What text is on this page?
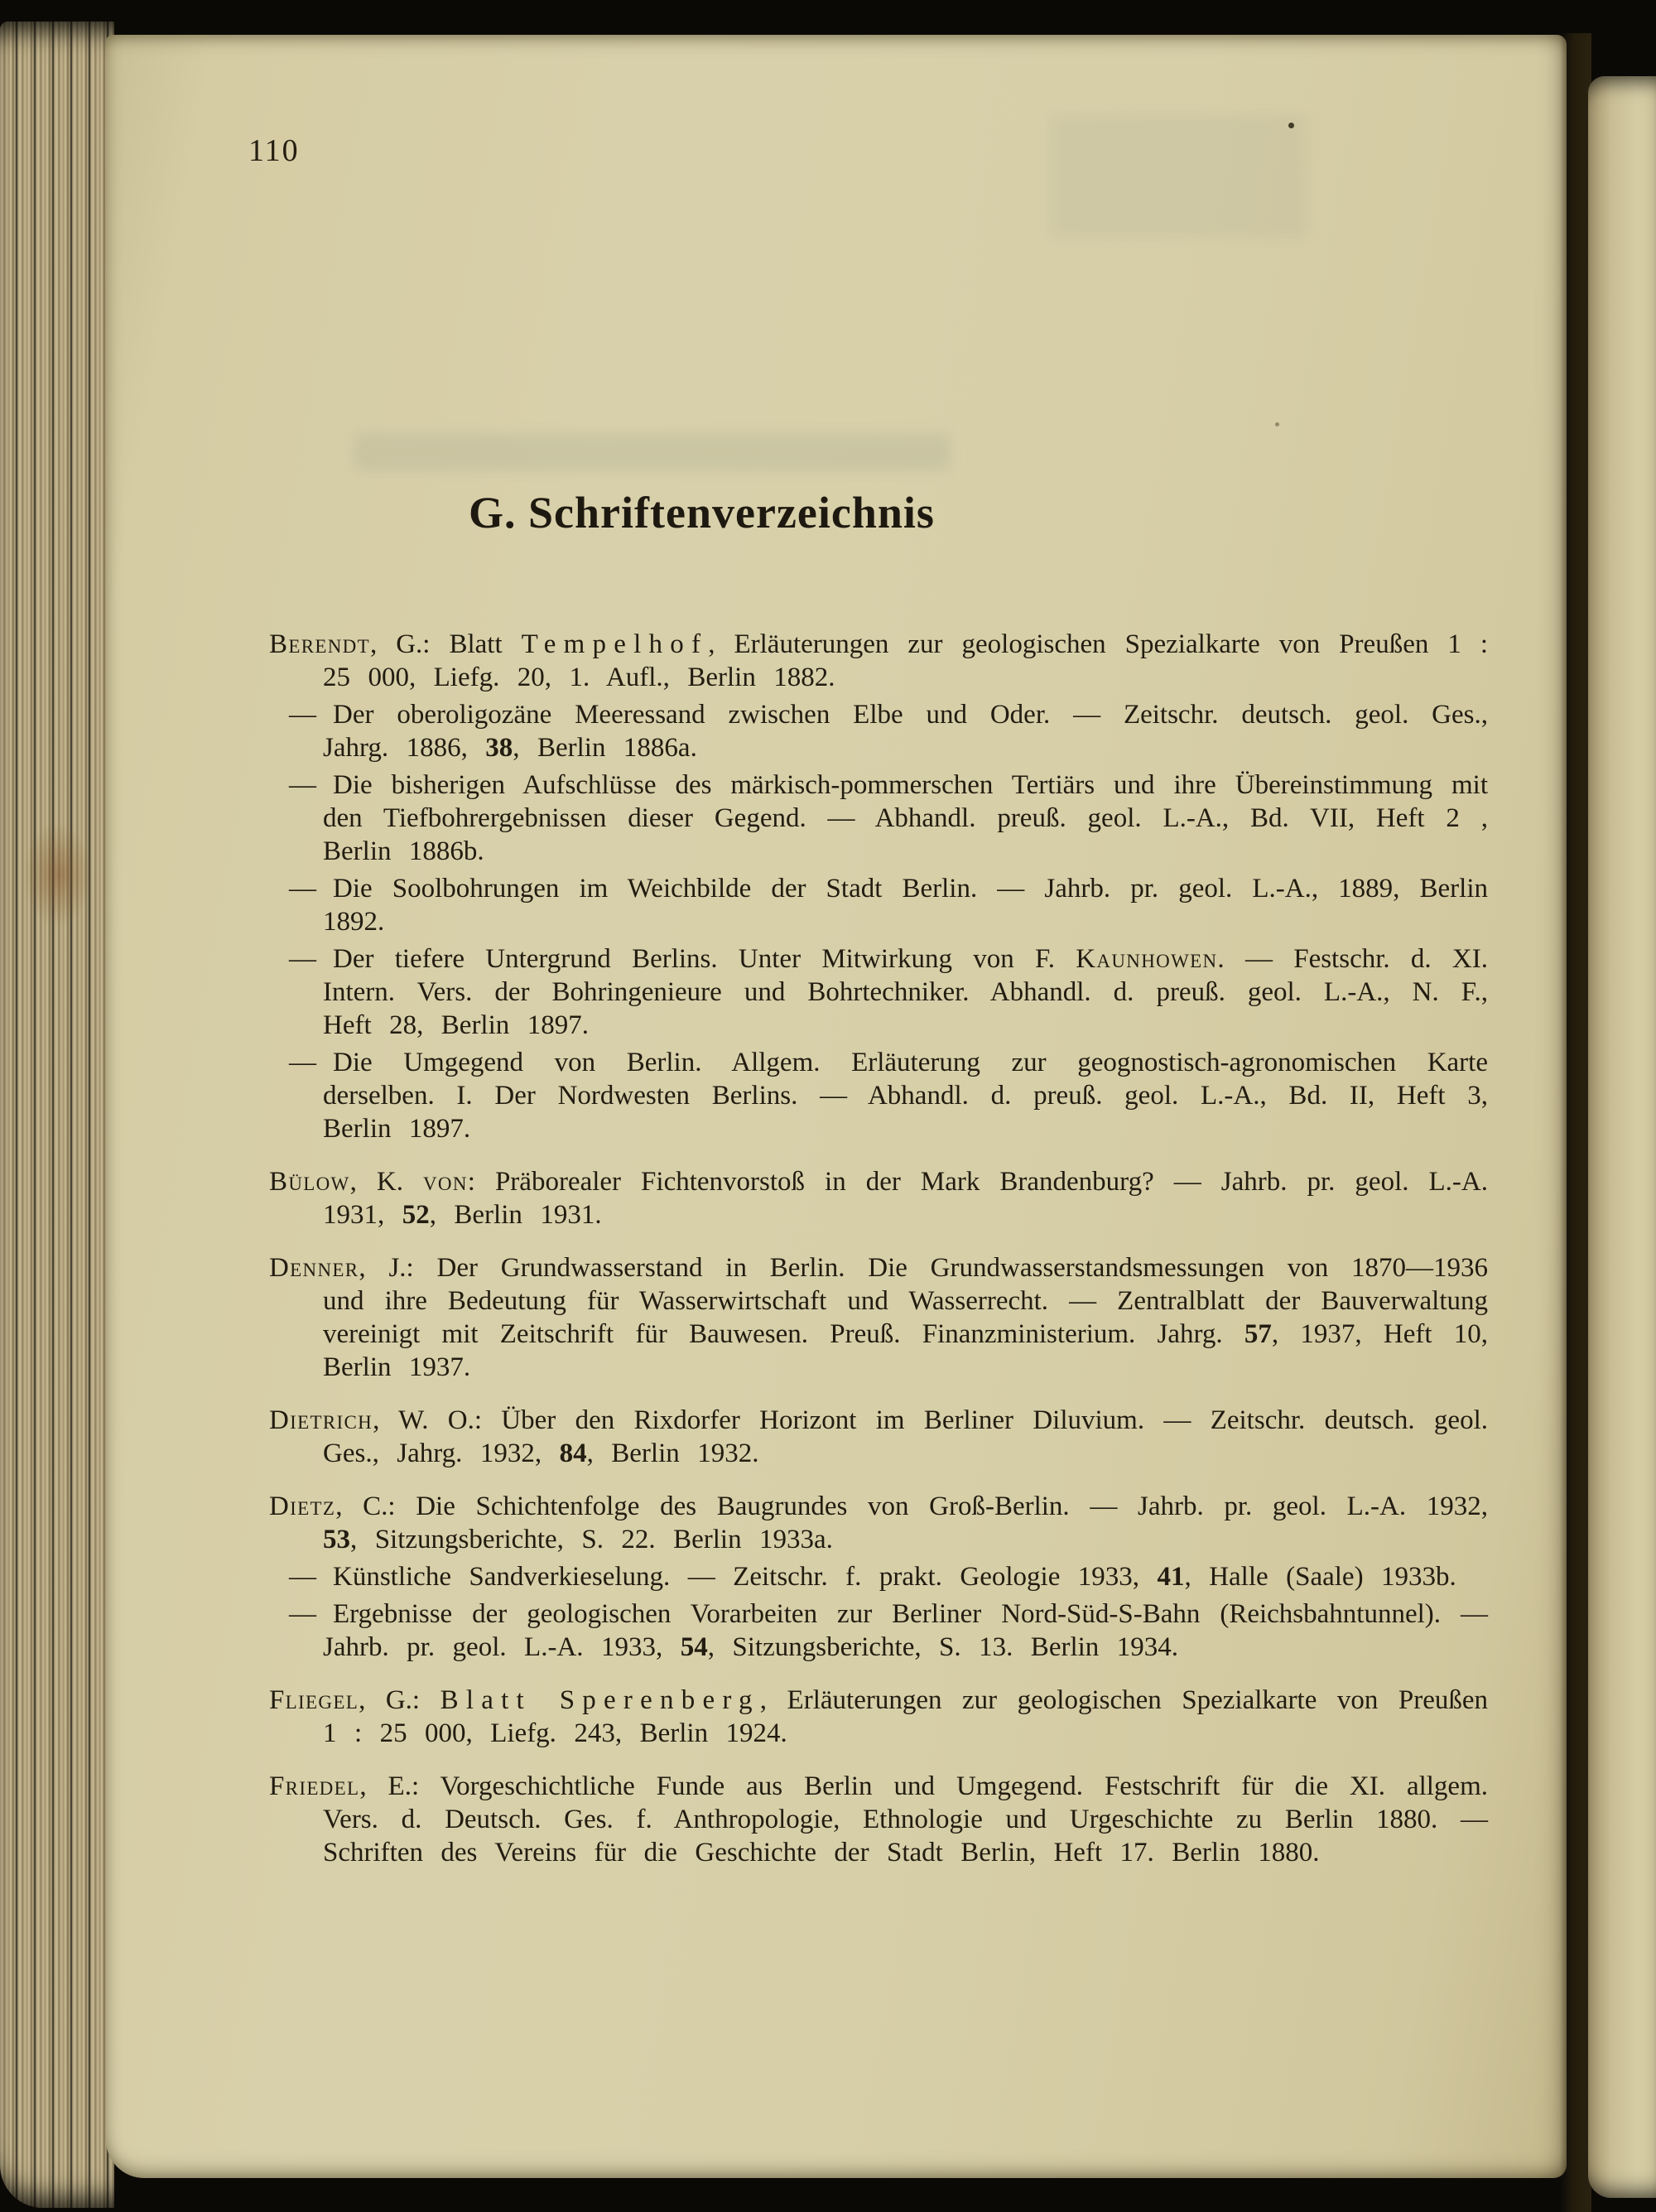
110
G. Schriftenverzeichnis
Berendt, G.: Blatt Tempelhof, Erläuterungen zur geologischen Spezialkarte von Preußen 1 : 25 000, Liefg. 20, 1. Aufl., Berlin 1882.
— Der oberoligozäne Meeressand zwischen Elbe und Oder. — Zeitschr. deutsch. geol. Ges., Jahrg. 1886, 38, Berlin 1886a.
— Die bisherigen Aufschlüsse des märkisch-pommerschen Tertiärs und ihre Übereinstimmung mit den Tiefbohrergebnissen dieser Gegend. — Abhandl. preuß. geol. L.-A., Bd. VII, Heft 2 , Berlin 1886b.
— Die Soolbohrungen im Weichbilde der Stadt Berlin. — Jahrb. pr. geol. L.-A., 1889, Berlin 1892.
— Der tiefere Untergrund Berlins. Unter Mitwirkung von F. Kaunhowen. — Festschr. d. XI. Intern. Vers. der Bohringenieure und Bohrtechniker. Abhandl. d. preuß. geol. L.-A., N. F., Heft 28, Berlin 1897.
— Die Umgegend von Berlin. Allgem. Erläuterung zur geognostisch-agronomischen Karte derselben. I. Der Nordwesten Berlins. — Abhandl. d. preuß. geol. L.-A., Bd. II, Heft 3, Berlin 1897.
Bülow, K. von: Präborealer Fichtenvorstoß in der Mark Brandenburg? — Jahrb. pr. geol. L.-A. 1931, 52, Berlin 1931.
Denner, J.: Der Grundwasserstand in Berlin. Die Grundwasserstandsmessungen von 1870—1936 und ihre Bedeutung für Wasserwirtschaft und Wasserrecht. — Zentralblatt der Bauverwaltung vereinigt mit Zeitschrift für Bauwesen. Preuß. Finanzministerium. Jahrg. 57, 1937, Heft 10, Berlin 1937.
Dietrich, W. O.: Über den Rixdorfer Horizont im Berliner Diluvium. — Zeitschr. deutsch. geol. Ges., Jahrg. 1932, 84, Berlin 1932.
Dietz, C.: Die Schichtenfolge des Baugrundes von Groß-Berlin. — Jahrb. pr. geol. L.-A. 1932, 53, Sitzungsberichte, S. 22. Berlin 1933a.
— Künstliche Sandverkieselung. — Zeitschr. f. prakt. Geologie 1933, 41, Halle (Saale) 1933b.
— Ergebnisse der geologischen Vorarbeiten zur Berliner Nord-Süd-S-Bahn (Reichsbahntunnel). — Jahrb. pr. geol. L.-A. 1933, 54, Sitzungsberichte, S. 13. Berlin 1934.
Fliegel, G.: Blatt Sperenberg, Erläuterungen zur geologischen Spezialkarte von Preußen 1 : 25 000, Liefg. 243, Berlin 1924.
Friedel, E.: Vorgeschichtliche Funde aus Berlin und Umgegend. Festschrift für die XI. allgem. Vers. d. Deutsch. Ges. f. Anthropologie, Ethnologie und Urgeschichte zu Berlin 1880. — Schriften des Vereins für die Geschichte der Stadt Berlin, Heft 17. Berlin 1880.
